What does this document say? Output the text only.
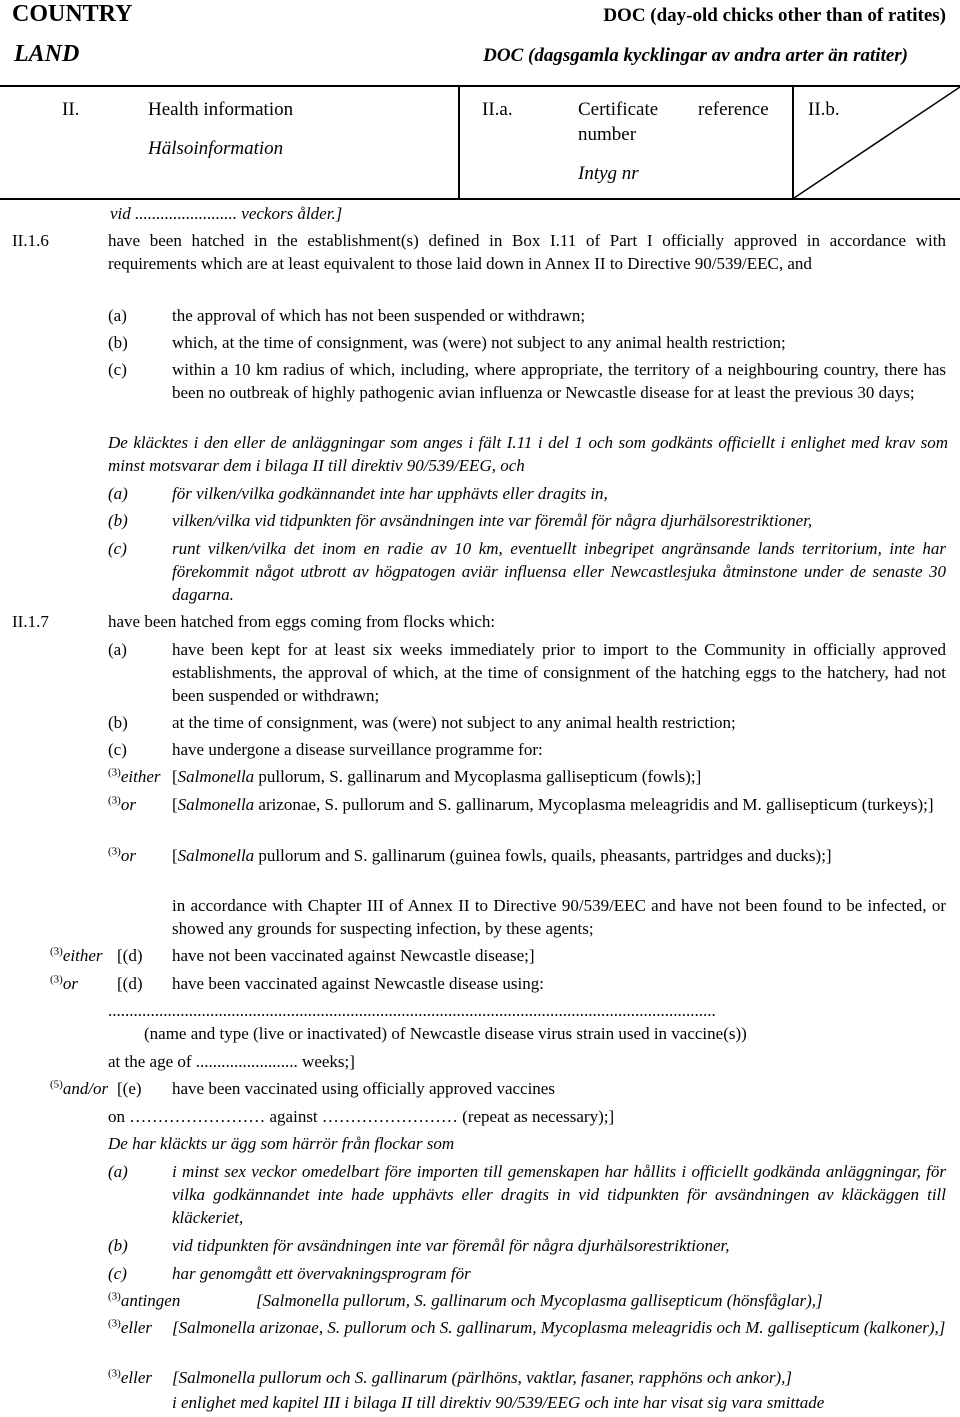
COUNTRY
LAND
DOC (day-old chicks other than of ratites)
DOC (dagsgamla kycklingar av andra arter än ratiter)
II.	Health information
Hälsoinformation
II.a.	Certificate reference
number
Intyg nr
II.b.
vid ........................ veckors ålder.]
II.1.6	have been hatched in the establishment(s) defined in Box I.11 of Part I officially approved in accordance with requirements which are at least equivalent to those laid down in Annex II to Directive 90/539/EEC, and
(a)	the approval of which has not been suspended or withdrawn;
(b)	which, at the time of consignment, was (were) not subject to any animal health restriction;
(c)	within a 10 km radius of which, including, where appropriate, the territory of a neighbouring country, there has been no outbreak of highly pathogenic avian influenza or Newcastle disease for at least the previous 30 days;
De kläcktes i den eller de anläggningar som anges i fält I.11 i del 1 och som godkänts officiellt i enlighet med krav som minst motsvarar dem i bilaga II till direktiv 90/539/EEG, och
(a)	för vilken/vilka godkännandet inte har upphävts eller dragits in,
(b)	vilken/vilka vid tidpunkten för avsändningen inte var föremål för några djurhälsorestriktioner,
(c)	runt vilken/vilka det inom en radie av 10 km, eventuellt inbegripet angränsande lands territorium, inte har förekommit något utbrott av högpatogen aviär influensa eller Newcastlesjuka åtminstone under de senaste 30 dagarna.
II.1.7	have been hatched from eggs coming from flocks which:
(a)	have been kept for at least six weeks immediately prior to import to the Community in officially approved establishments, the approval of which, at the time of consignment of the hatching eggs to the hatchery, had not been suspended or withdrawn;
(b)	at the time of consignment, was (were) not subject to any animal health restriction;
(c)	have undergone a disease surveillance programme for:
$^{(3)}$either [Salmonella pullorum, S. gallinarum and Mycoplasma gallisepticum (fowls);]
$^{(3)}$or [Salmonella arizonae, S. pullorum and S. gallinarum, Mycoplasma meleagridis and M. gallisepticum (turkeys);]
$^{(3)}$or [Salmonella pullorum and S. gallinarum (guinea fowls, quails, pheasants, partridges and ducks);]
in accordance with Chapter III of Annex II to Directive 90/539/EEC and have not been found to be infected, or showed any grounds for suspecting infection, by these agents;
$^{(3)}$either [(d) have not been vaccinated against Newcastle disease;]
$^{(3)}$or [(d) have been vaccinated against Newcastle disease using:
...............................................................................................................................................
(name and type (live or inactivated) of Newcastle disease virus strain used in vaccine(s))
at the age of ........................ weeks;]
$^{(5)}$and/or [(e) have been vaccinated using officially approved vaccines
on …………………… against …………………… (repeat as necessary);]
De har kläckts ur ägg som härrör från flockar som
(a)	i minst sex veckor omedelbart före importen till gemenskapen har hållits i officiellt godkända anläggningar, för vilka godkännandet inte hade upphävts eller dragits in vid tidpunkten för avsändningen av kläckäggen till kläckeriet,
(b)	vid tidpunkten för avsändningen inte var föremål för några djurhälsorestriktioner,
(c)	har genomgått ett övervakningsprogram för
$^{(3)}$antingen	[Salmonella pullorum, S. gallinarum och Mycoplasma gallisepticum (hönsfåglar),]
$^{(3)}$eller [Salmonella arizonae, S. pullorum och S. gallinarum, Mycoplasma meleagridis och M. gallisepticum (kalkoner),]
$^{(3)}$eller [Salmonella pullorum och S. gallinarum (pärlhöns, vaktlar, fasaner, rapphöns och ankor),]
i enlighet med kapitel III i bilaga II till direktiv 90/539/EEG och inte har visat sig vara smittade
